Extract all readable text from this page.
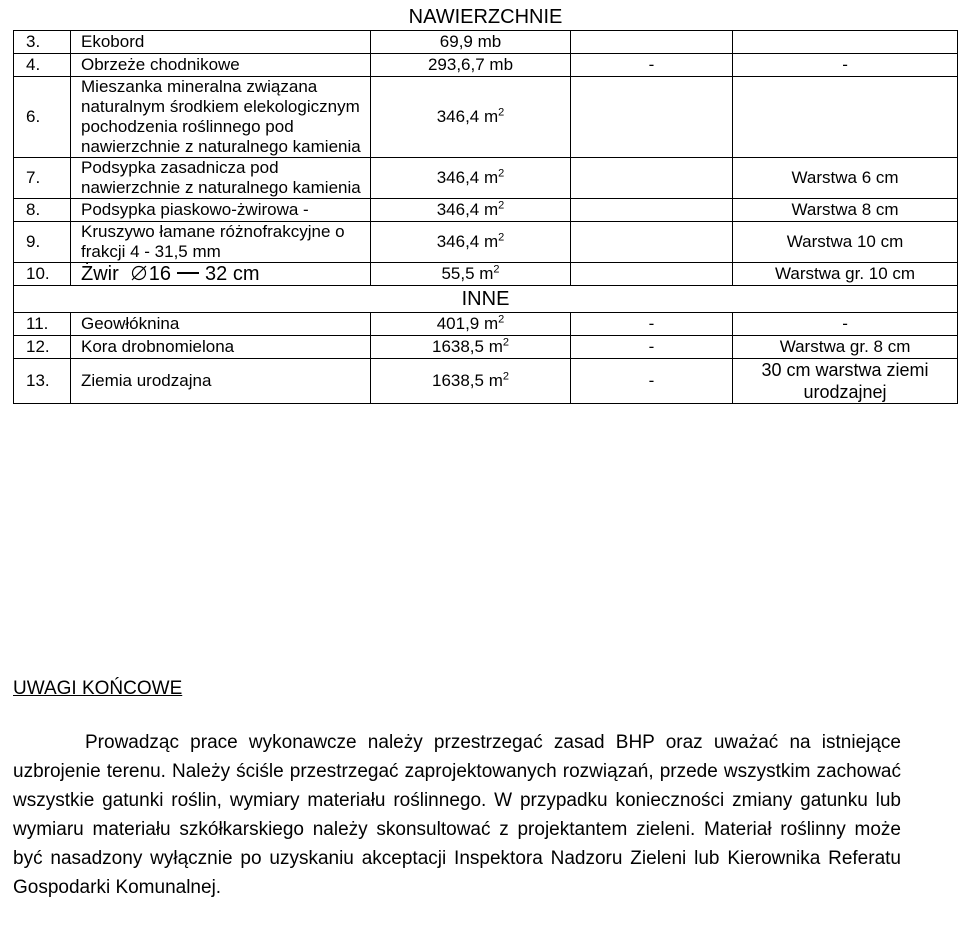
NAWIERZCHNIE				
3.	Ekobord	69,9 mb		
4.	Obrzeże chodnikowe	293,6,7 mb	-	-
6.	Mieszanka mineralna związana naturalnym środkiem elekologicznym pochodzenia roślinnego pod nawierzchnie z naturalnego kamienia	346,4 $m^2$		
7.	Podsypka zasadnicza pod nawierzchnie z naturalnego kamienia	346,4 $m^2$		Warstwa 6 cm
8.	Podsypka piaskowo-żwirowa -	346,4 $m^2$		Warstwa 8 cm
9.	Kruszywo łamane różnofrakcyjne o frakcji 4 - 31,5 mm	346,4 $m^2$		Warstwa 10 cm
10.	Żwir 16 32 cm	55,5 $m^2$		Warstwa gr. 10 cm
INNE				
11.	Geowłóknina	401,9 $m^2$	-	-
12.	Kora drobnomielona	1638,5 $m^2$	-	Warstwa gr. 8 cm
13.	Ziemia urodzajna	1638,5 $m^2$	-	30 cm warstwa ziemi urodzajnej

UWAGI KOŃCOWE

Prowadząc prace wykonawcze należy przestrzegać zasad BHP oraz uważać na istniejące uzbrojenie terenu. Należy ściśle przestrzegać zaprojektowanych rozwiązań, przede wszystkim zachować wszystkie gatunki roślin, wymiary materiału roślinnego. W przypadku konieczności zmiany gatunku lub wymiaru materiału szkółkarskiego należy skonsultować z projektantem zieleni. Materiał roślinny może być nasadzony wyłącznie po uzyskaniu akceptacji Inspektora Nadzoru Zieleni lub Kierownika Referatu Gospodarki Komunalnej.
